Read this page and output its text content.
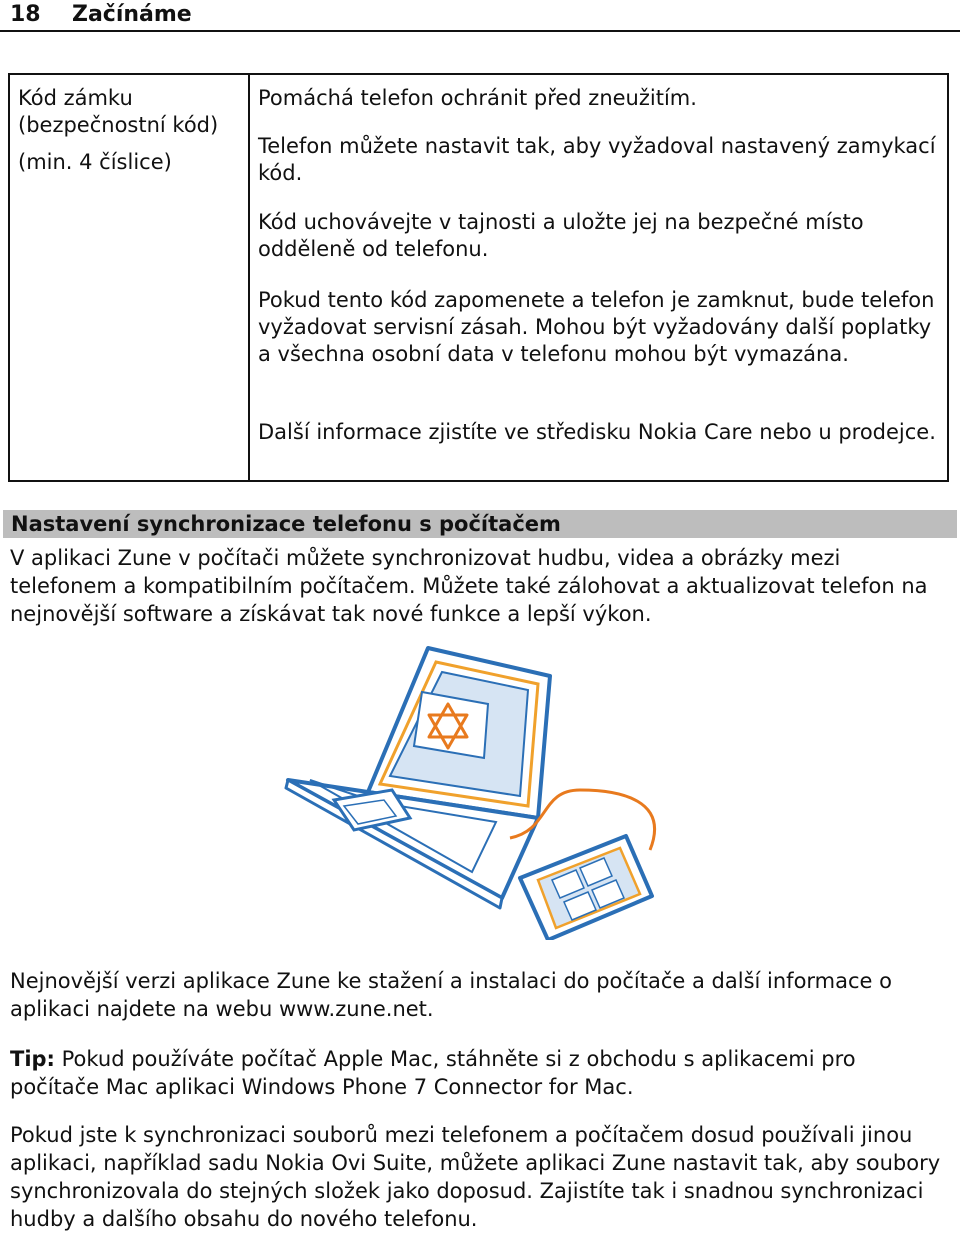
18 Začínáme
Kód zámku
(bezpečnostní kód)
(min. 4 číslice)
Pomáchá telefon ochránit před zneužitím.
Telefon můžete nastavit tak, aby vyžadoval nastavený zamykací kód.
Kód uchovávejte v tajnosti a uložte jej na bezpečné místo odděleně od telefonu.
Pokud tento kód zapomenete a telefon je zamknut, bude telefon vyžadovat servisní zásah. Mohou být vyžadovány další poplatky a všechna osobní data v telefonu mohou být vymazána.
Další informace zjistíte ve středisku Nokia Care nebo u prodejce.
Nastavení synchronizace telefonu s počítačem
V aplikaci Zune v počítači můžete synchronizovat hudbu, videa a obrázky mezi telefonem a kompatibilním počítačem. Můžete také zálohovat a aktualizovat telefon na nejnovější software a získávat tak nové funkce a lepší výkon.
Nejnovější verzi aplikace Zune ke stažení a instalaci do počítače a další informace o aplikaci najdete na webu www.zune.net.
Tip: Pokud používáte počítač Apple Mac, stáhněte si z obchodu s aplikacemi pro počítače Mac aplikaci Windows Phone 7 Connector for Mac.
Pokud jste k synchronizaci souborů mezi telefonem a počítačem dosud používali jinou aplikaci, například sadu Nokia Ovi Suite, můžete aplikaci Zune nastavit tak, aby soubory synchronizovala do stejných složek jako doposud. Zajistíte tak i snadnou synchronizaci hudby a dalšího obsahu do nového telefonu.
